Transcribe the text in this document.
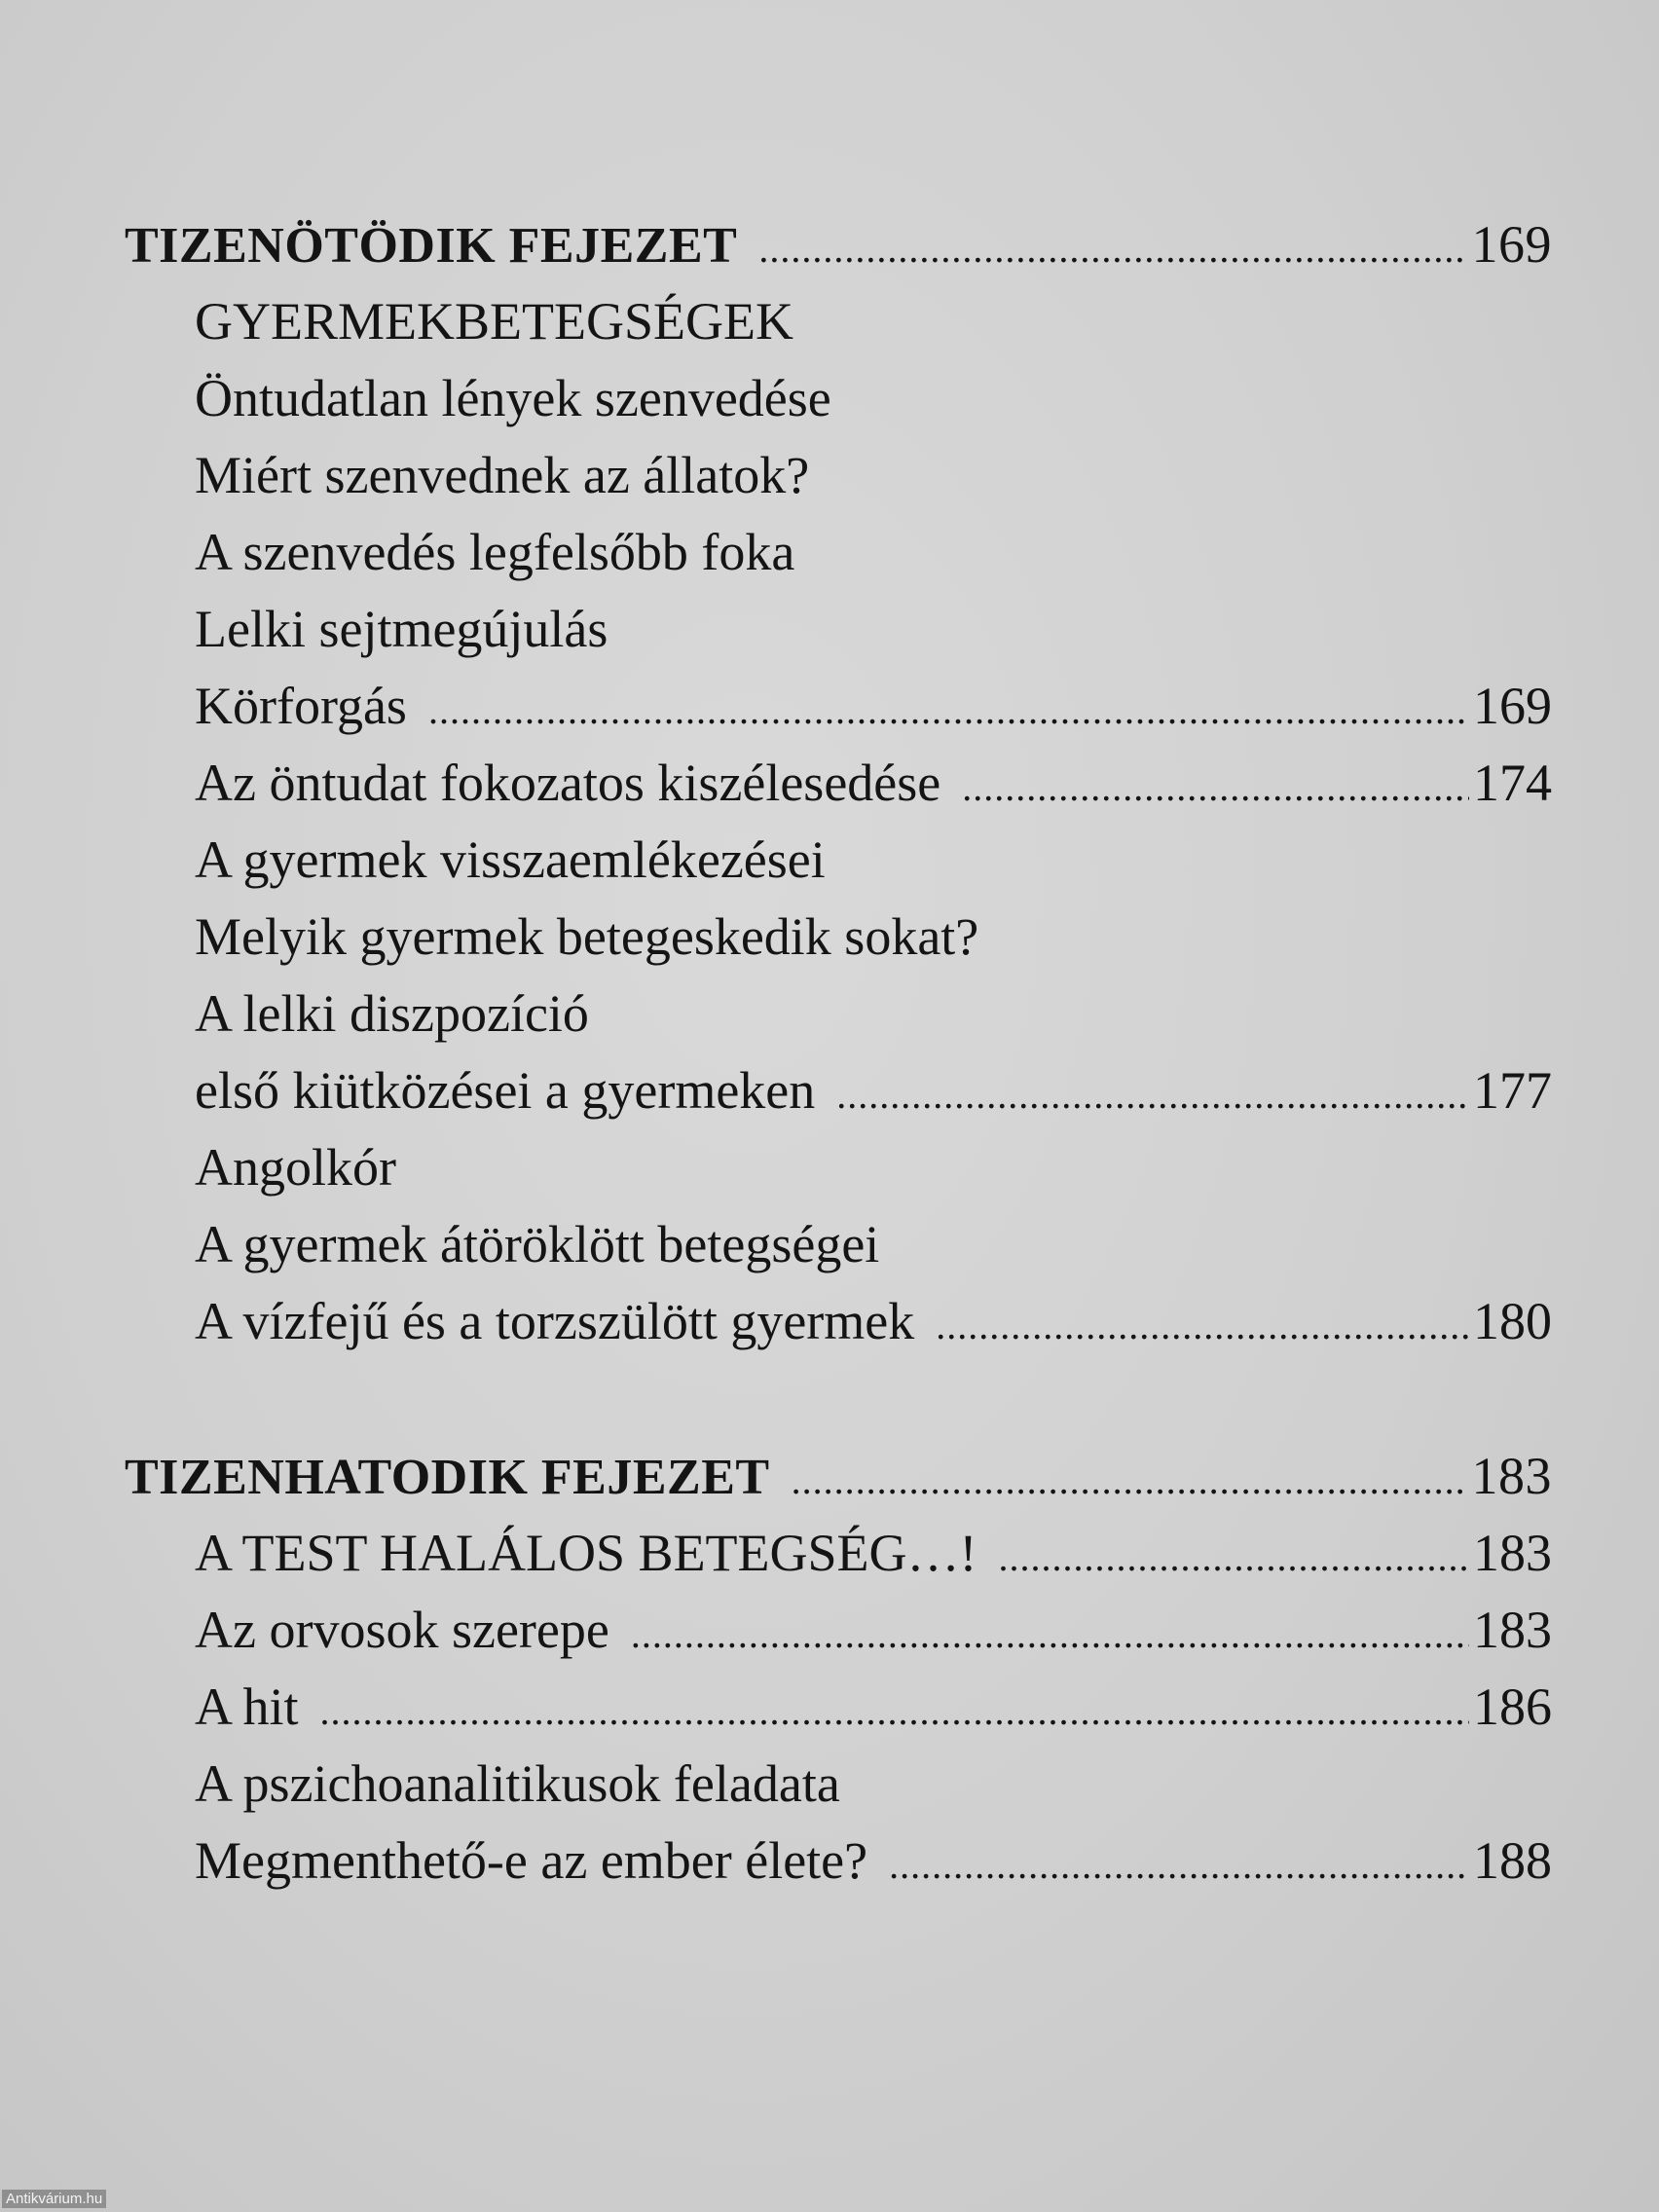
TIZENÖTÖDIK FEJEZET .....	169
GYERMEKBETEGSÉGEK
Öntudatlan lények szenvedése
Miért szenvednek az állatok?
A szenvedés legfelsőbb foka
Lelki sejtmegújulás
Körforgás .....	169
Az öntudat fokozatos kiszélesedése .....	174
A gyermek visszaemlékezései
Melyik gyermek betegeskedik sokat?
A lelki diszpozíció
első kiütközései a gyermeken .....	177
Angolkór
A gyermek átöröklött betegségei
A vízfejű és a torzszülött gyermek .....	180
TIZENHATODIK FEJEZET .....	183
A TEST HALÁLOS BETEGSÉG…! .....	183
Az orvosok szerepe .....	183
A hit .....	186
A pszichoanalitikusok feladata
Megmenthető-e az ember élete? .....	188
Antikvárium.hu
